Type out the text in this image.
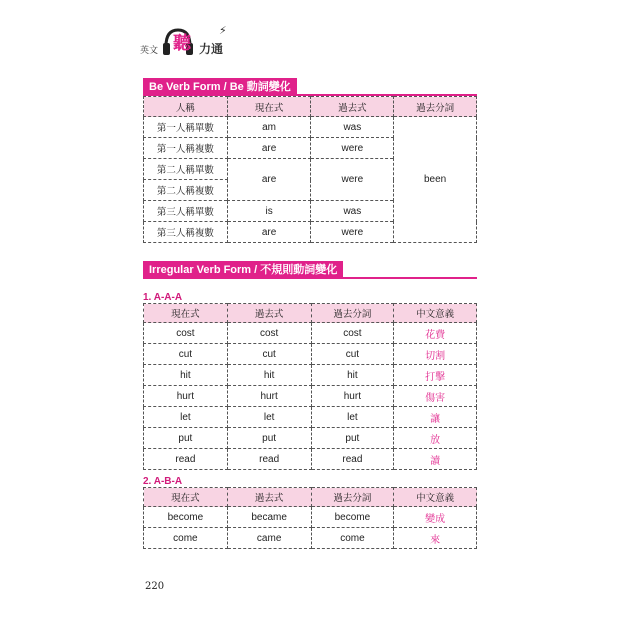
英文 聽
⚡
力通
Be Verb Form / Be 動詞變化
人稱	現在式	過去式	過去分詞
第一人稱單數	am	was	been
第一人稱複數	are	were	
第二人稱單數	are	were	
第二人稱複數			
第三人稱單數	is	was	
第三人稱複數	are	were	
Irregular Verb Form / 不規則動詞變化
1. A-A-A
現在式	過去式	過去分詞	中文意義
cost	cost	cost	花費
cut	cut	cut	切割
hit	hit	hit	打擊
hurt	hurt	hurt	傷害
let	let	let	讓
put	put	put	放
read	read	read	讀
2. A-B-A
現在式	過去式	過去分詞	中文意義
become	became	become	變成
come	came	come	來
220
